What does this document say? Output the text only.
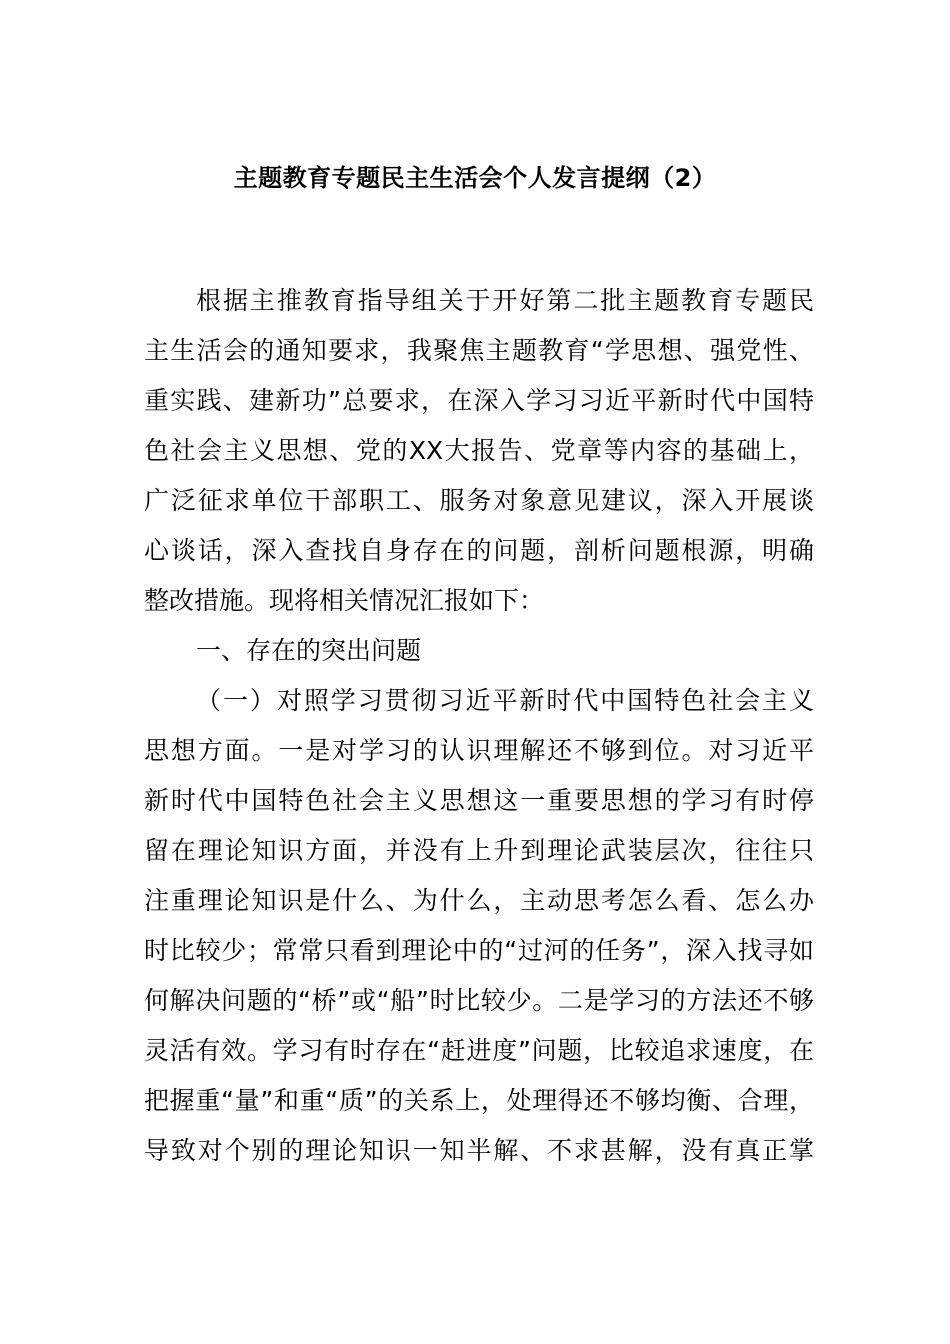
主题教育专题民主生活会个人发言提纲（2）
根据主推教育指导组关于开好第二批主题教育专题民
主生活会的通知要求，我聚焦主题教育“学思想、强党性、
重实践、建新功”总要求，在深入学习习近平新时代中国特
色社会主义思想、党的XX大报告、党章等内容的基础上，
广泛征求单位干部职工、服务对象意见建议，深入开展谈
心谈话，深入查找自身存在的问题，剖析问题根源，明确
整改措施。现将相关情况汇报如下：
一、存在的突出问题
（一）对照学习贯彻习近平新时代中国特色社会主义
思想方面。一是对学习的认识理解还不够到位。对习近平
新时代中国特色社会主义思想这一重要思想的学习有时停
留在理论知识方面，并没有上升到理论武装层次，往往只
注重理论知识是什么、为什么，主动思考怎么看、怎么办
时比较少；常常只看到理论中的“过河的任务”，深入找寻如
何解决问题的“桥”或“船”时比较少。二是学习的方法还不够
灵活有效。学习有时存在“赶进度”问题，比较追求速度，在
把握重“量”和重“质”的关系上，处理得还不够均衡、合理，
导致对个别的理论知识一知半解、不求甚解，没有真正掌
